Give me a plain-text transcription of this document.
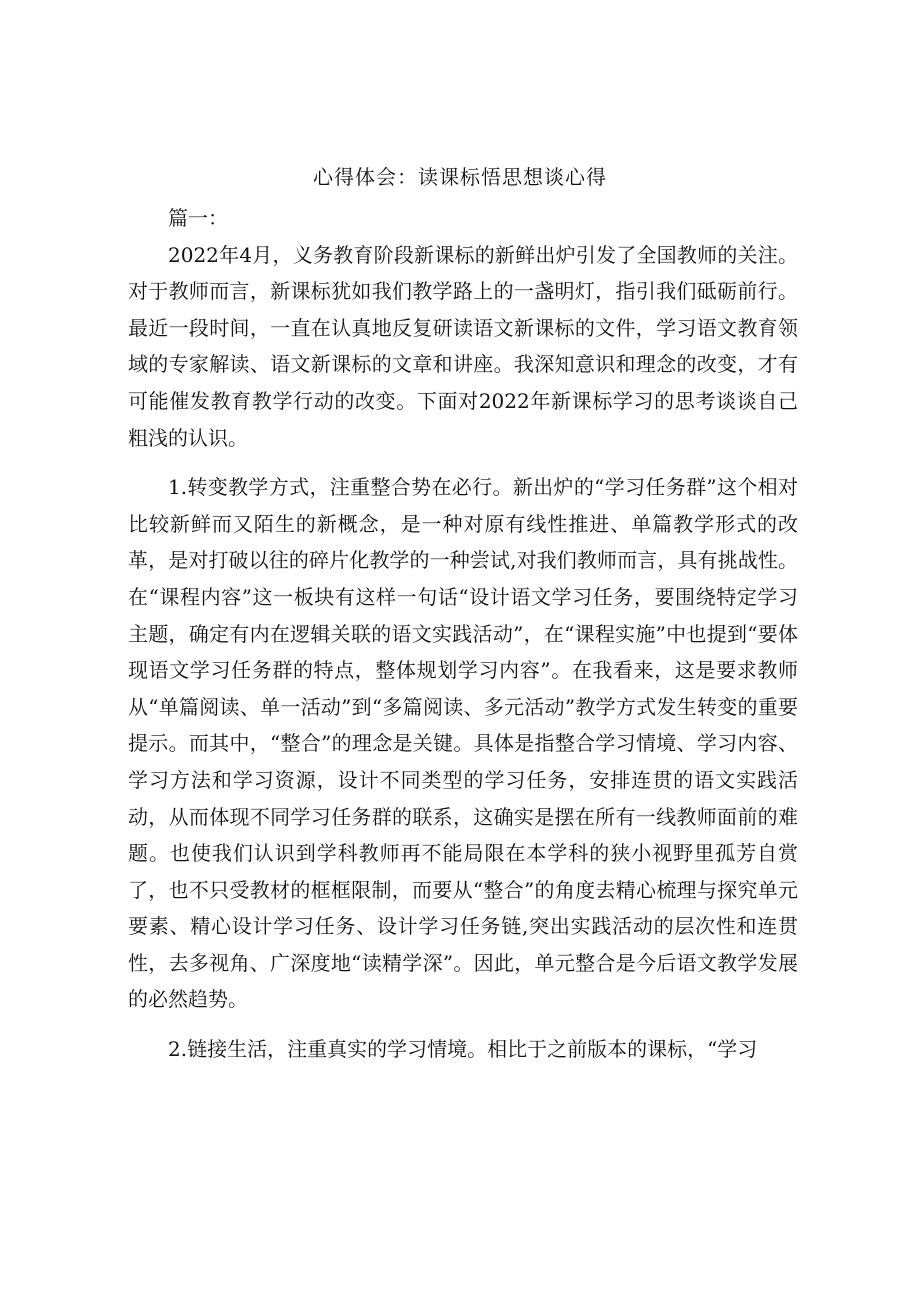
心得体会：读课标悟思想谈心得

篇一：

2022年4月，义务教育阶段新课标的新鲜出炉引发了全国教师的关注。对于教师而言，新课标犹如我们教学路上的一盏明灯，指引我们砥砺前行。最近一段时间，一直在认真地反复研读语文新课标的文件，学习语文教育领域的专家解读、语文新课标的文章和讲座。我深知意识和理念的改变，才有可能催发教育教学行动的改变。下面对2022年新课标学习的思考谈谈自己粗浅的认识。

1.转变教学方式，注重整合势在必行。新出炉的“学习任务群”这个相对比较新鲜而又陌生的新概念，是一种对原有线性推进、单篇教学形式的改革，是对打破以往的碎片化教学的一种尝试,对我们教师而言，具有挑战性。在“课程内容”这一板块有这样一句话“设计语文学习任务，要围绕特定学习主题，确定有内在逻辑关联的语文实践活动”，在“课程实施”中也提到“要体现语文学习任务群的特点，整体规划学习内容”。在我看来，这是要求教师从“单篇阅读、单一活动”到“多篇阅读、多元活动”教学方式发生转变的重要提示。而其中，“整合”的理念是关键。具体是指整合学习情境、学习内容、学习方法和学习资源，设计不同类型的学习任务，安排连贯的语文实践活动，从而体现不同学习任务群的联系，这确实是摆在所有一线教师面前的难题。也使我们认识到学科教师再不能局限在本学科的狭小视野里孤芳自赏了，也不只受教材的框框限制，而要从“整合”的角度去精心梳理与探究单元要素、精心设计学习任务、设计学习任务链,突出实践活动的层次性和连贯性，去多视角、广深度地“读精学深”。因此，单元整合是今后语文教学发展的必然趋势。

2.链接生活，注重真实的学习情境。相比于之前版本的课标，“学习
